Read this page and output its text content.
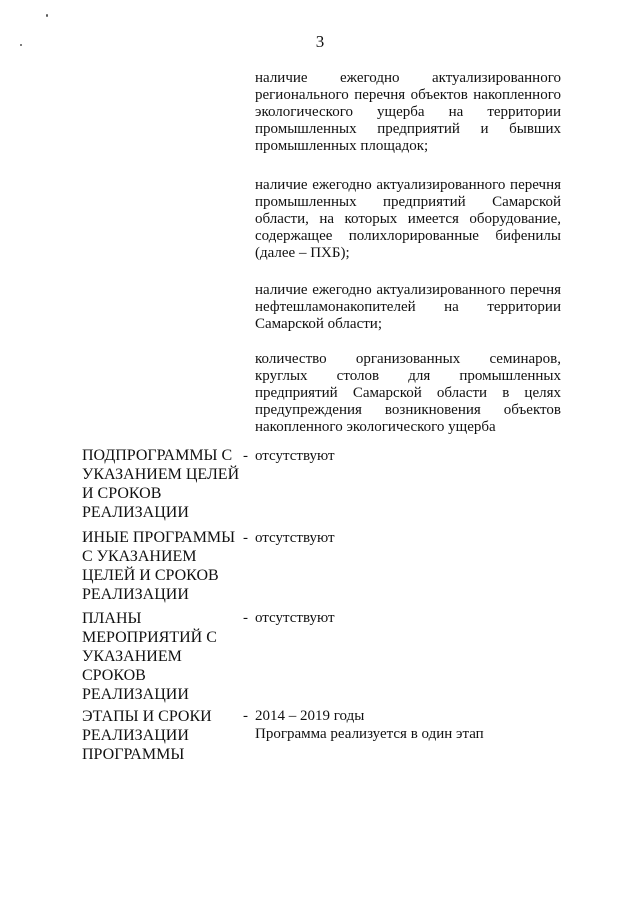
3
наличие ежегодно актуализированного
регионального перечня объектов накопленного
экологического ущерба на территории
промышленных предприятий и бывших
промышленных площадок;
наличие ежегодно актуализированного перечня
промышленных предприятий Самарской
области, на которых имеется оборудование,
содержащее полихлорированные бифенилы
(далее – ПХБ);
наличие ежегодно актуализированного перечня
нефтешламонакопителей на территории
Самарской области;
количество организованных семинаров,
круглых столов для промышленных
предприятий Самарской области в целях
предупреждения возникновения объектов
накопленного экологического ущерба
ПОДПРОГРАММЫ С
УКАЗАНИЕМ ЦЕЛЕЙ
И СРОКОВ
РЕАЛИЗАЦИИ
- отсутствуют
ИНЫЕ ПРОГРАММЫ
С УКАЗАНИЕМ
ЦЕЛЕЙ И СРОКОВ
РЕАЛИЗАЦИИ
- отсутствуют
ПЛАНЫ
МЕРОПРИЯТИЙ С
УКАЗАНИЕМ
СРОКОВ
РЕАЛИЗАЦИИ
- отсутствуют
ЭТАПЫ И СРОКИ
РЕАЛИЗАЦИИ
ПРОГРАММЫ
- 2014 – 2019 годы
Программа реализуется в один этап
